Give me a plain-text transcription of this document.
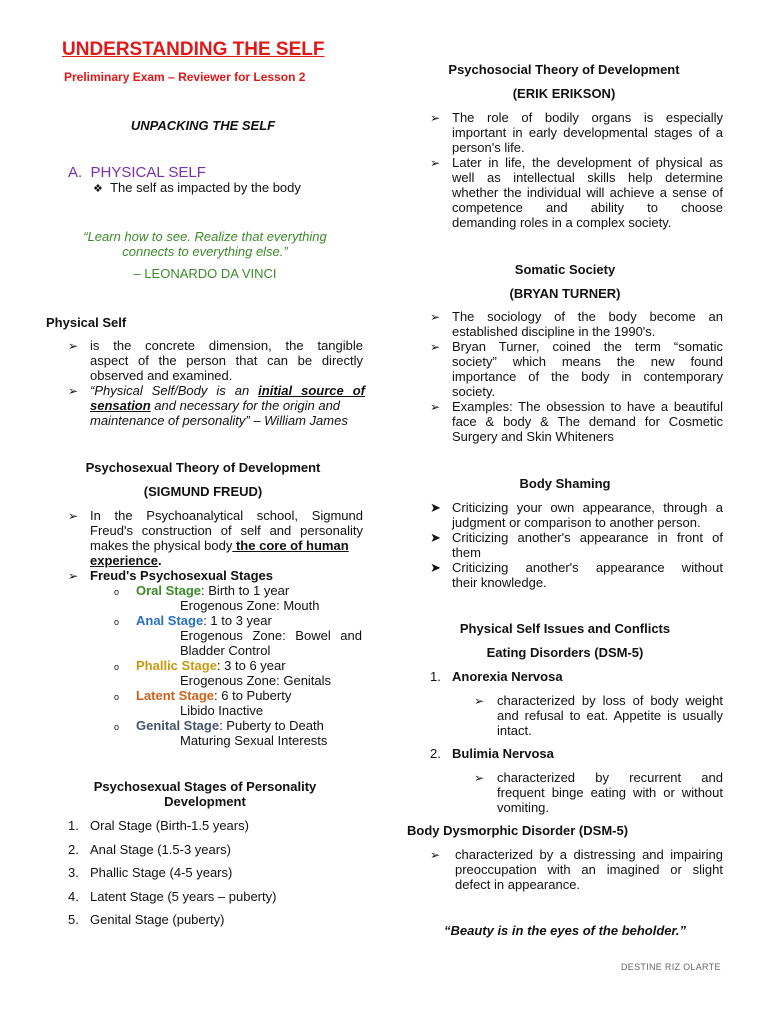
UNDERSTANDING THE SELF
Preliminary Exam – Reviewer for Lesson 2
UNPACKING THE SELF
A. PHYSICAL SELF
❖ The self as impacted by the body
“Learn how to see. Realize that everything
connects to everything else.”
– LEONARDO DA VINCI
Physical Self
➢ is the concrete dimension, the tangible
aspect of the person that can be directly
observed and examined.
➢ “Physical Self/Body is an initial source of
sensation and necessary for the origin and
maintenance of personality” – William James
Psychosexual Theory of Development
(SIGMUND FREUD)
➢ In the Psychoanalytical school, Sigmund
Freud's construction of self and personality
makes the physical body the core of human
experience.
➢ Freud's Psychosexual Stages
o Oral Stage: Birth to 1 year
Erogenous Zone: Mouth
o Anal Stage: 1 to 3 year
Erogenous Zone: Bowel and
Bladder Control
o Phallic Stage: 3 to 6 year
Erogenous Zone: Genitals
o Latent Stage: 6 to Puberty
Libido Inactive
o Genital Stage: Puberty to Death
Maturing Sexual Interests
Psychosexual Stages of Personality
Development
1. Oral Stage (Birth-1.5 years)
2. Anal Stage (1.5-3 years)
3. Phallic Stage (4-5 years)
4. Latent Stage (5 years – puberty)
5. Genital Stage (puberty)
Psychosocial Theory of Development
(ERIK ERIKSON)
➢ The role of bodily organs is especially
important in early developmental stages of a
person's life.
➢ Later in life, the development of physical as
well as intellectual skills help determine
whether the individual will achieve a sense of
competence and ability to choose
demanding roles in a complex society.
Somatic Society
(BRYAN TURNER)
➢ The sociology of the body become an
established discipline in the 1990's.
➢ Bryan Turner, coined the term “somatic
society” which means the new found
importance of the body in contemporary
society.
➢ Examples: The obsession to have a beautiful
face & body & The demand for Cosmetic
Surgery and Skin Whiteners
Body Shaming
➤ Criticizing your own appearance, through a
judgment or comparison to another person.
➤ Criticizing another's appearance in front of
them
➤ Criticizing another's appearance without
their knowledge.
Physical Self Issues and Conflicts
Eating Disorders (DSM-5)
1. Anorexia Nervosa
➢ characterized by loss of body weight
and refusal to eat. Appetite is usually
intact.
2. Bulimia Nervosa
➢ characterized by recurrent and
frequent binge eating with or without
vomiting.
Body Dysmorphic Disorder (DSM-5)
➢ characterized by a distressing and impairing
preoccupation with an imagined or slight
defect in appearance.
“Beauty is in the eyes of the beholder.”
DESTINE RIZ OLARTE
